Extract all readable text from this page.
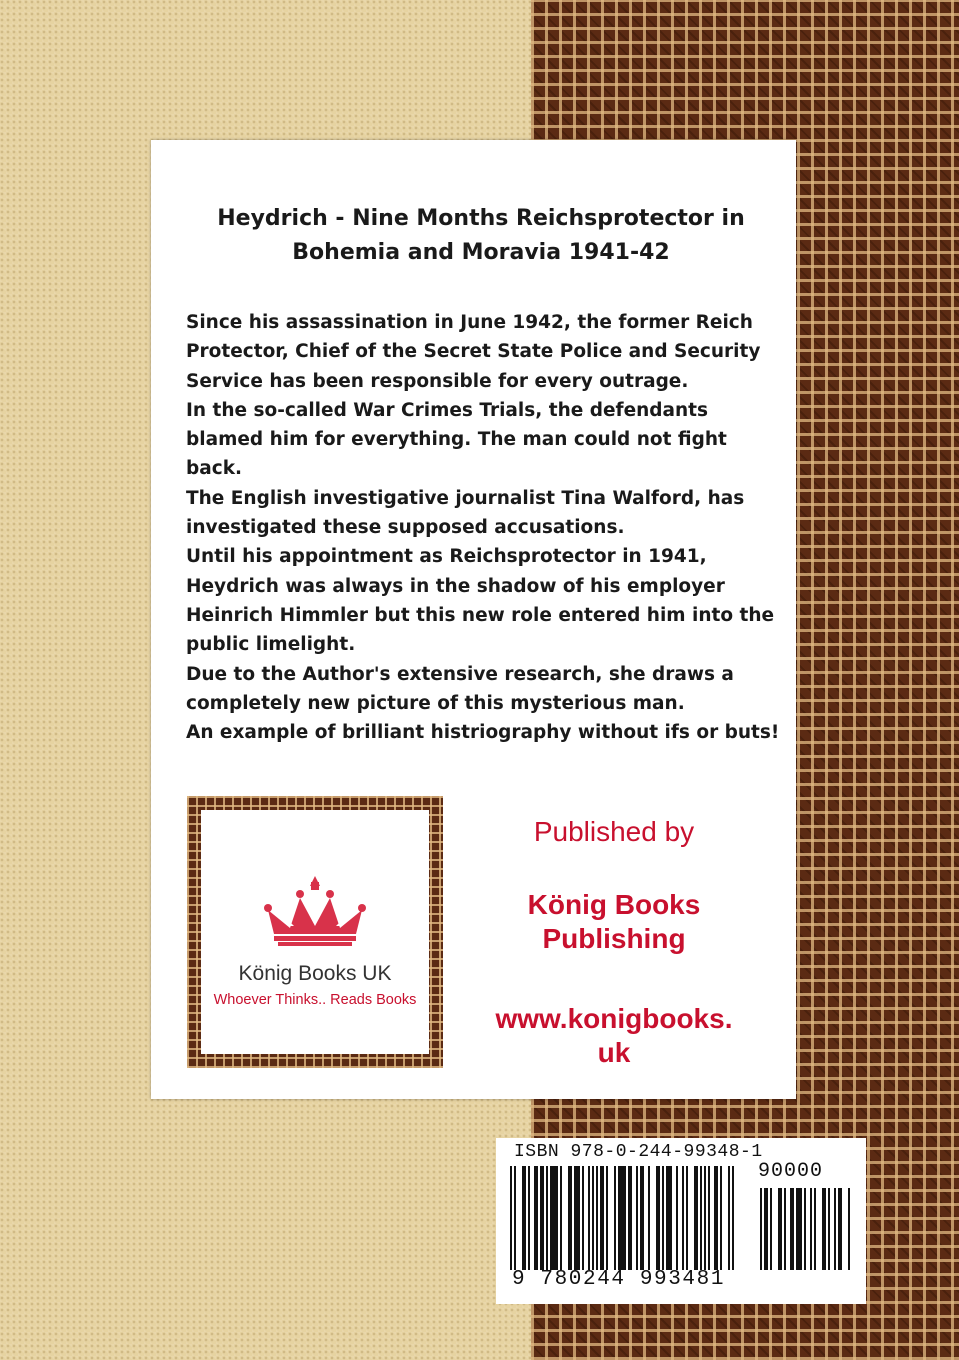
Heydrich - Nine Months Reichsprotector in Bohemia and Moravia 1941-42

Since his assassination in June 1942, the former Reich Protector, Chief of the Secret State Police and Security Service has been responsible for every outrage.

In the so-called War Crimes Trials, the defendants blamed him for everything. The man could not fight back.

The English investigative journalist Tina Walford, has investigated these supposed accusations.

Until his appointment as Reichsprotector in 1941, Heydrich was always in the shadow of his employer Heinrich Himmler but this new role entered him into the public limelight.

Due to the Author's extensive research, she draws a completely new picture of this mysterious man.

An example of brilliant histriography without ifs or buts!

König Books UK
Whoever Thinks.. Reads Books
Published by
König Books
Publishing
www.konigbooks.
uk
ISBN 978-0-244-99348-1
90000
9 780244 993481
